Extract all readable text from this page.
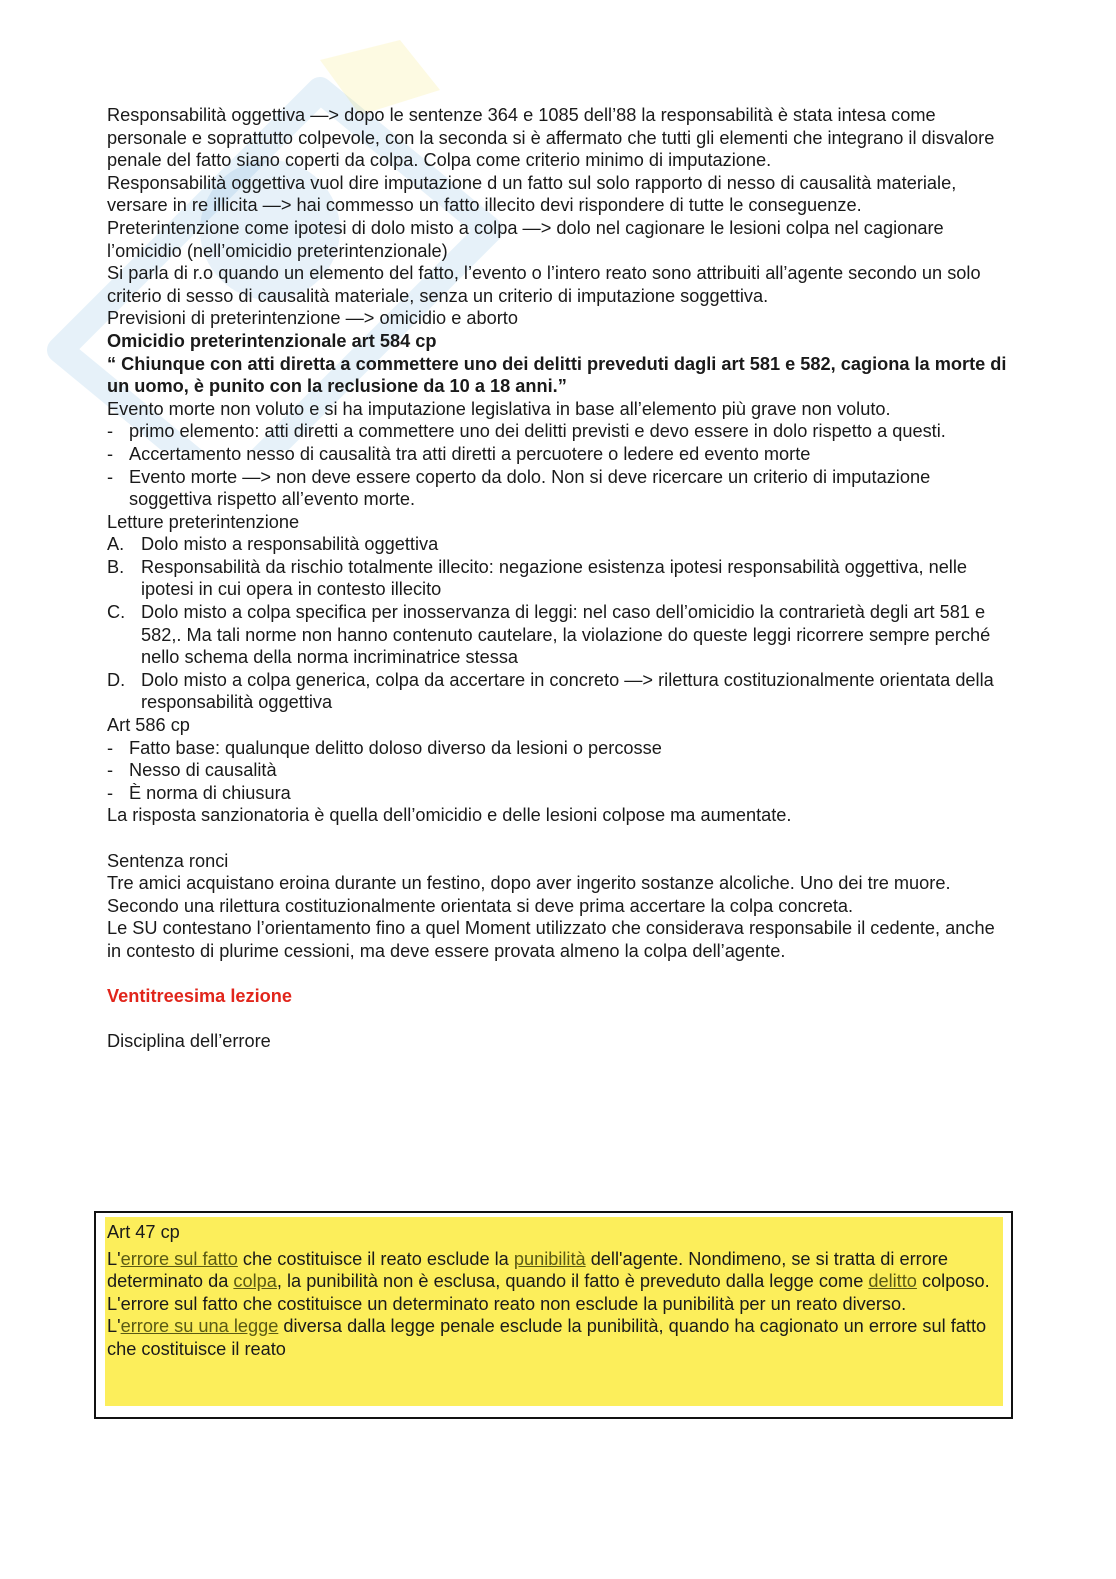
Responsabilità oggettiva —> dopo le sentenze 364 e 1085 dell’88 la responsabilità è stata intesa come personale e soprattutto colpevole, con la seconda si è affermato che tutti gli elementi che integrano il disvalore penale del fatto siano coperti da colpa. Colpa come criterio minimo di imputazione.

Responsabilità oggettiva vuol dire imputazione d un fatto sul solo rapporto di nesso di causalità materiale, versare in re illicita —> hai commesso un fatto illecito devi rispondere di tutte le conseguenze.

Preterintenzione come ipotesi di dolo misto a colpa —> dolo nel cagionare le lesioni colpa nel cagionare l’omicidio (nell’omicidio preterintenzionale)

Si parla di r.o quando un elemento del fatto, l’evento o l’intero reato sono attribuiti all’agente secondo un solo criterio di sesso di causalità materiale, senza un criterio di imputazione soggettiva.

Previsioni di preterintenzione —> omicidio e aborto

Omicidio preterintenzionale art 584 cp

“ Chiunque con atti diretta a commettere uno dei delitti preveduti dagli art 581 e 582, cagiona la morte di un uomo, è punito con la reclusione da 10 a 18 anni.”

Evento morte non voluto e si ha imputazione legislativa in base all’elemento più grave non voluto.

- primo elemento: atti diretti a commettere uno dei delitti previsti e devo essere in dolo rispetto a questi.
- Accertamento nesso di causalità tra atti diretti a percuotere o ledere ed evento morte
- Evento morte —> non deve essere coperto da dolo. Non si deve ricercare un criterio di imputazione soggettiva rispetto all’evento morte.

Letture preterintenzione

A. Dolo misto a responsabilità oggettiva
B. Responsabilità da rischio totalmente illecito: negazione esistenza ipotesi responsabilità oggettiva, nelle ipotesi in cui opera in contesto illecito
C. Dolo misto a colpa specifica per inosservanza di leggi: nel caso dell’omicidio la contrarietà degli art 581 e 582,. Ma tali norme non hanno contenuto cautelare, la violazione do queste leggi ricorrere sempre perché nello schema della norma incriminatrice stessa
D. Dolo misto a colpa generica, colpa da accertare in concreto —> rilettura costituzionalmente orientata della responsabilità oggettiva

Art 586 cp

- Fatto base: qualunque delitto doloso diverso da lesioni o percosse
- Nesso di causalità
- È norma di chiusura

La risposta sanzionatoria è quella dell’omicidio e delle lesioni colpose ma aumentate.

Sentenza ronci

Tre amici acquistano eroina durante un festino, dopo aver ingerito sostanze alcoliche. Uno dei tre muore.

Secondo una rilettura costituzionalmente orientata si deve prima accertare la colpa concreta.

Le SU contestano l’orientamento fino a quel Moment utilizzato che considerava responsabile il cedente, anche in contesto di plurime cessioni, ma deve essere provata almeno la colpa dell’agente.

Ventitreesima lezione

Disciplina dell’errore

Art 47 cp

L'errore sul fatto che costituisce il reato esclude la punibilità dell'agente. Nondimeno, se si tratta di errore determinato da colpa, la punibilità non è esclusa, quando il fatto è preveduto dalla legge come delitto colposo.

L'errore sul fatto che costituisce un determinato reato non esclude la punibilità per un reato diverso.

L'errore su una legge diversa dalla legge penale esclude la punibilità, quando ha cagionato un errore sul fatto che costituisce il reato
